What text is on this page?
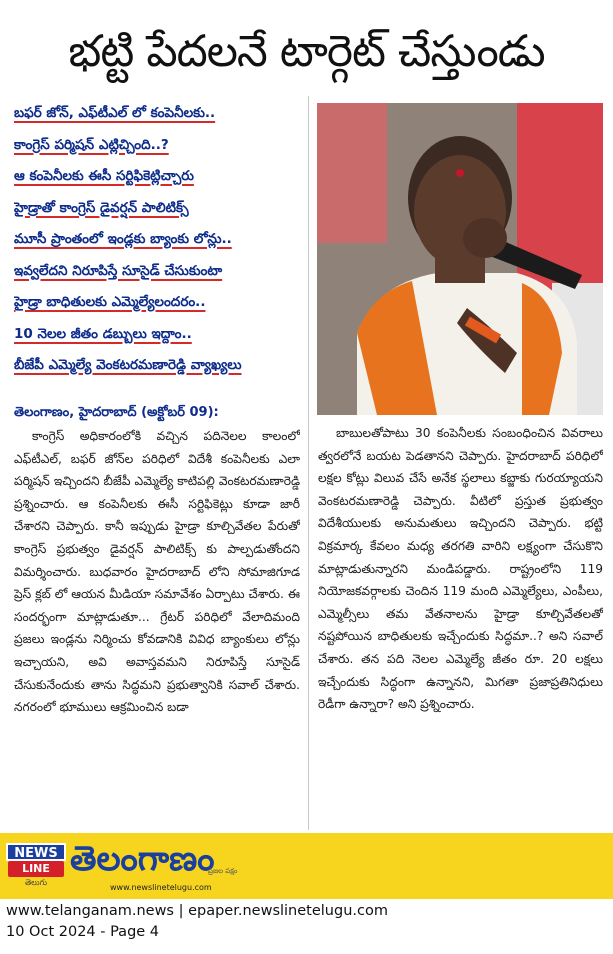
భట్టి పేదలనే టార్గెట్ చేస్తుండు
బఫర్ జోన్, ఎఫ్‌టీఎల్ లో కంపెనీలకు..
కాంగ్రెస్ పర్మిషన్ ఎట్లిచ్చింది..?
ఆ కంపెనీలకు ఈసీ సర్టిఫికెట్లిచ్చారు
హైడ్రాతో కాంగ్రెస్ డైవర్షన్ పాలిటిక్స్
మూసీ ప్రాంతంలో ఇండ్లకు బ్యాంకు లోన్లు..
ఇవ్వలేదని నిరూపిస్తే సూసైడ్ చేసుకుంటా
హైడ్రా బాధితులకు ఎమ్మెల్యేలందరం..
10 నెలల జీతం డబ్బులు ఇద్దాం..
బీజేపీ ఎమ్మెల్యే వెంకటరమణారెడ్డి వ్యాఖ్యలు
తెలంగాణం, హైదరాబాద్ (అక్టోబర్ 09):

కాంగ్రెస్ అధికారంలోకి వచ్చిన పదినెలల కాలంలో ఎఫ్‌టీఎల్, బఫర్ జోన్‌ల పరిధిలో విదేశీ కంపెనీలకు ఎలా పర్మిషన్ ఇచ్చిందని బీజేపీ ఎమ్మెల్యే కాటిపల్లి వెంకటరమణారెడ్డి ప్రశ్నించారు. ఆ కంపెనీలకు ఈసీ సర్టిఫికెట్లు కూడా జారీ చేశారని చెప్పారు. కానీ ఇప్పుడు హైడ్రా కూల్చివేతల పేరుతో కాంగ్రెస్ ప్రభుత్వం డైవర్షన్ పాలిటిక్స్ కు పాల్పడుతోందని విమర్శించారు. బుధవారం హైదరాబాద్ లోని సోమాజిగూడ ప్రెస్ క్లబ్ లో ఆయన మీడియా సమావేశం ఏర్పాటు చేశారు. ఈ సందర్భంగా మాట్లాడుతూ... గ్రేటర్ పరిధిలో వేలాదిమంది ప్రజలు ఇండ్లను నిర్మించు కోవడానికి వివిధ బ్యాంకులు లోన్లు ఇచ్చాయని, అవి అవాస్తవమని నిరూపిస్తే సూసైడ్ చేసుకునేందుకు తాను సిద్ధమని ప్రభుత్వానికి సవాల్ చేశారు. నగరంలో భూములు ఆక్రమించిన బడా

బాబులతోపాటు 30 కంపెనీలకు సంబంధించిన వివరాలు త్వరలోనే బయట పెడతానని చెప్పారు. హైదరాబాద్ పరిధిలో లక్షల కోట్లు విలువ చేసే అనేక స్థలాలు కబ్జాకు గురయ్యాయని వెంకటరమణారెడ్డి చెప్పారు. వీటిలో ప్రస్తుత ప్రభుత్వం విదేశీయులకు అనుమతులు ఇచ్చిందని చెప్పారు. భట్టి విక్రమార్క కేవలం మధ్య తరగతి వారిని లక్ష్యంగా చేసుకొని మాట్లాడుతున్నారని మండిపడ్డారు. రాష్ట్రంలోని 119 నియోజకవర్గాలకు చెందిన 119 మంది ఎమ్మెల్యేలు, ఎంపీలు, ఎమ్మెల్సీలు తమ వేతనాలను హైడ్రా కూల్చివేతలతో నష్టపోయిన బాధితులకు ఇచ్చేందుకు సిద్ధమా..? అని సవాల్ చేశారు. తన పది నెలల ఎమ్మెల్యే జీతం రూ. 20 లక్షలు ఇచ్చేందుకు సిద్ధంగా ఉన్నానని, మిగతా ప్రజాప్రతినిధులు రెడీగా ఉన్నారా? అని ప్రశ్నించారు.

NEWS
LINE
తెలుగు
తెలంగాణం
ప్రజల పక్షం
www.newslinetelugu.com
www.telanganam.news | epaper.newslinetelugu.com
10 Oct 2024 - Page 4
